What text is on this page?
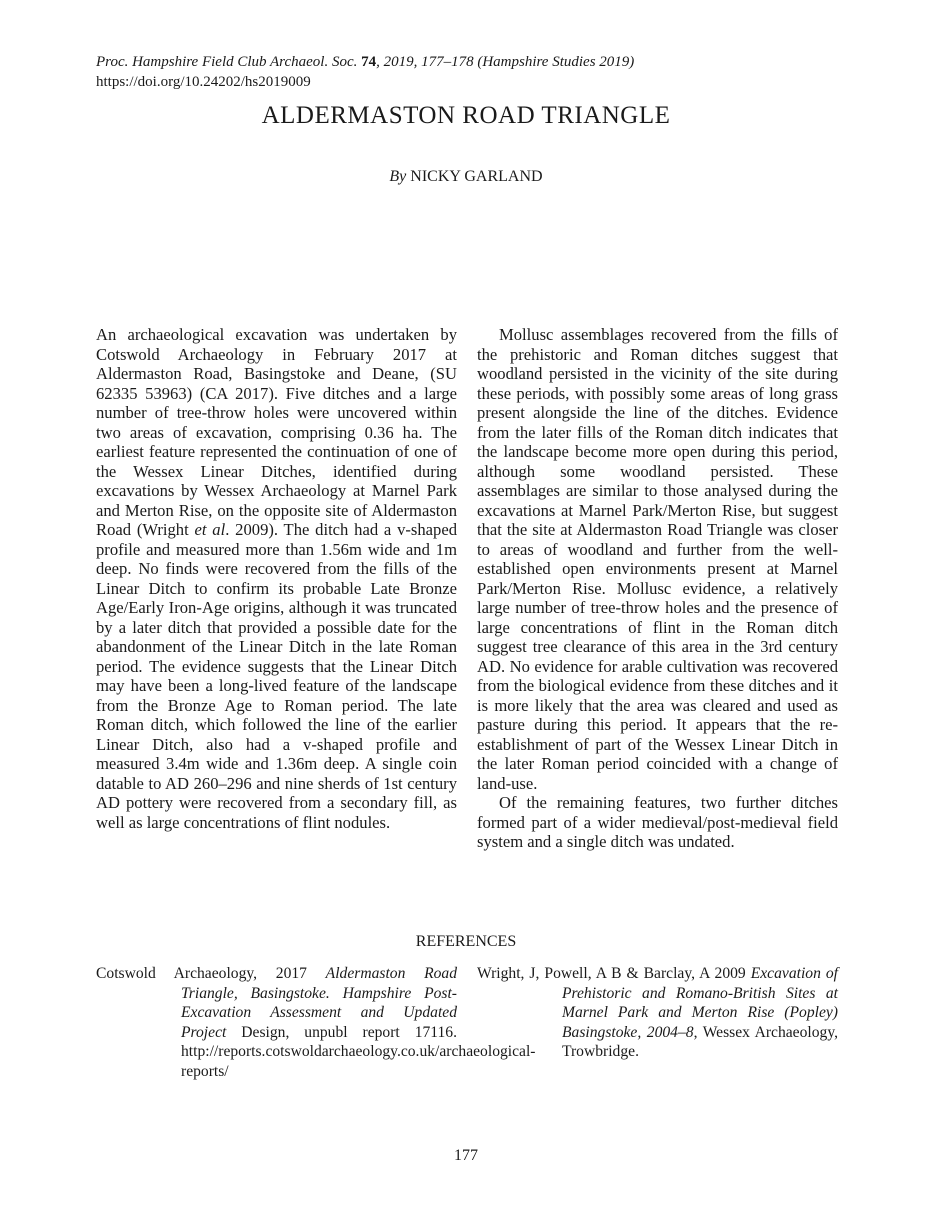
Proc. Hampshire Field Club Archaeol. Soc. 74, 2019, 177–178 (Hampshire Studies 2019)
https://doi.org/10.24202/hs2019009
ALDERMASTON ROAD TRIANGLE
By NICKY GARLAND

An archaeological excavation was undertaken by Cotswold Archaeology in February 2017 at Aldermaston Road, Basingstoke and Deane, (SU 62335 53963) (CA 2017). Five ditches and a large number of tree-throw holes were uncovered within two areas of excavation, comprising 0.36 ha. The earliest feature represented the continuation of one of the Wessex Linear Ditches, identified during excavations by Wessex Archaeology at Marnel Park and Merton Rise, on the opposite site of Aldermaston Road (Wright et al. 2009). The ditch had a v-shaped profile and measured more than 1.56m wide and 1m deep. No finds were recovered from the fills of the Linear Ditch to confirm its probable Late Bronze Age/Early Iron-Age origins, although it was truncated by a later ditch that provided a possible date for the abandonment of the Linear Ditch in the late Roman period. The evidence suggests that the Linear Ditch may have been a long-lived feature of the landscape from the Bronze Age to Roman period. The late Roman ditch, which followed the line of the earlier Linear Ditch, also had a v-shaped profile and measured 3.4m wide and 1.36m deep. A single coin datable to AD 260–296 and nine sherds of 1st century AD pottery were recovered from a secondary fill, as well as large concentrations of flint nodules.

Mollusc assemblages recovered from the fills of the prehistoric and Roman ditches suggest that woodland persisted in the vicinity of the site during these periods, with possibly some areas of long grass present alongside the line of the ditches. Evidence from the later fills of the Roman ditch indicates that the landscape become more open during this period, although some woodland persisted. These assemblages are similar to those analysed during the excavations at Marnel Park/Merton Rise, but suggest that the site at Aldermaston Road Triangle was closer to areas of woodland and further from the well-established open environments present at Marnel Park/Merton Rise. Mollusc evidence, a relatively large number of tree-throw holes and the presence of large concentrations of flint in the Roman ditch suggest tree clearance of this area in the 3rd century AD. No evidence for arable cultivation was recovered from the biological evidence from these ditches and it is more likely that the area was cleared and used as pasture during this period. It appears that the re-establishment of part of the Wessex Linear Ditch in the later Roman period coincided with a change of land-use.

Of the remaining features, two further ditches formed part of a wider medieval/post-medieval field system and a single ditch was undated.

REFERENCES
Cotswold Archaeology, 2017 Aldermaston Road Triangle, Basingstoke. Hampshire Post-Excavation Assessment and Updated Project Design, unpubl report 17116. http://reports.cotswoldarchaeology.co.uk/archaeological-reports/
Wright, J, Powell, A B & Barclay, A 2009 Excavation of Prehistoric and Romano-British Sites at Marnel Park and Merton Rise (Popley) Basingstoke, 2004–8, Wessex Archaeology, Trowbridge.
177
